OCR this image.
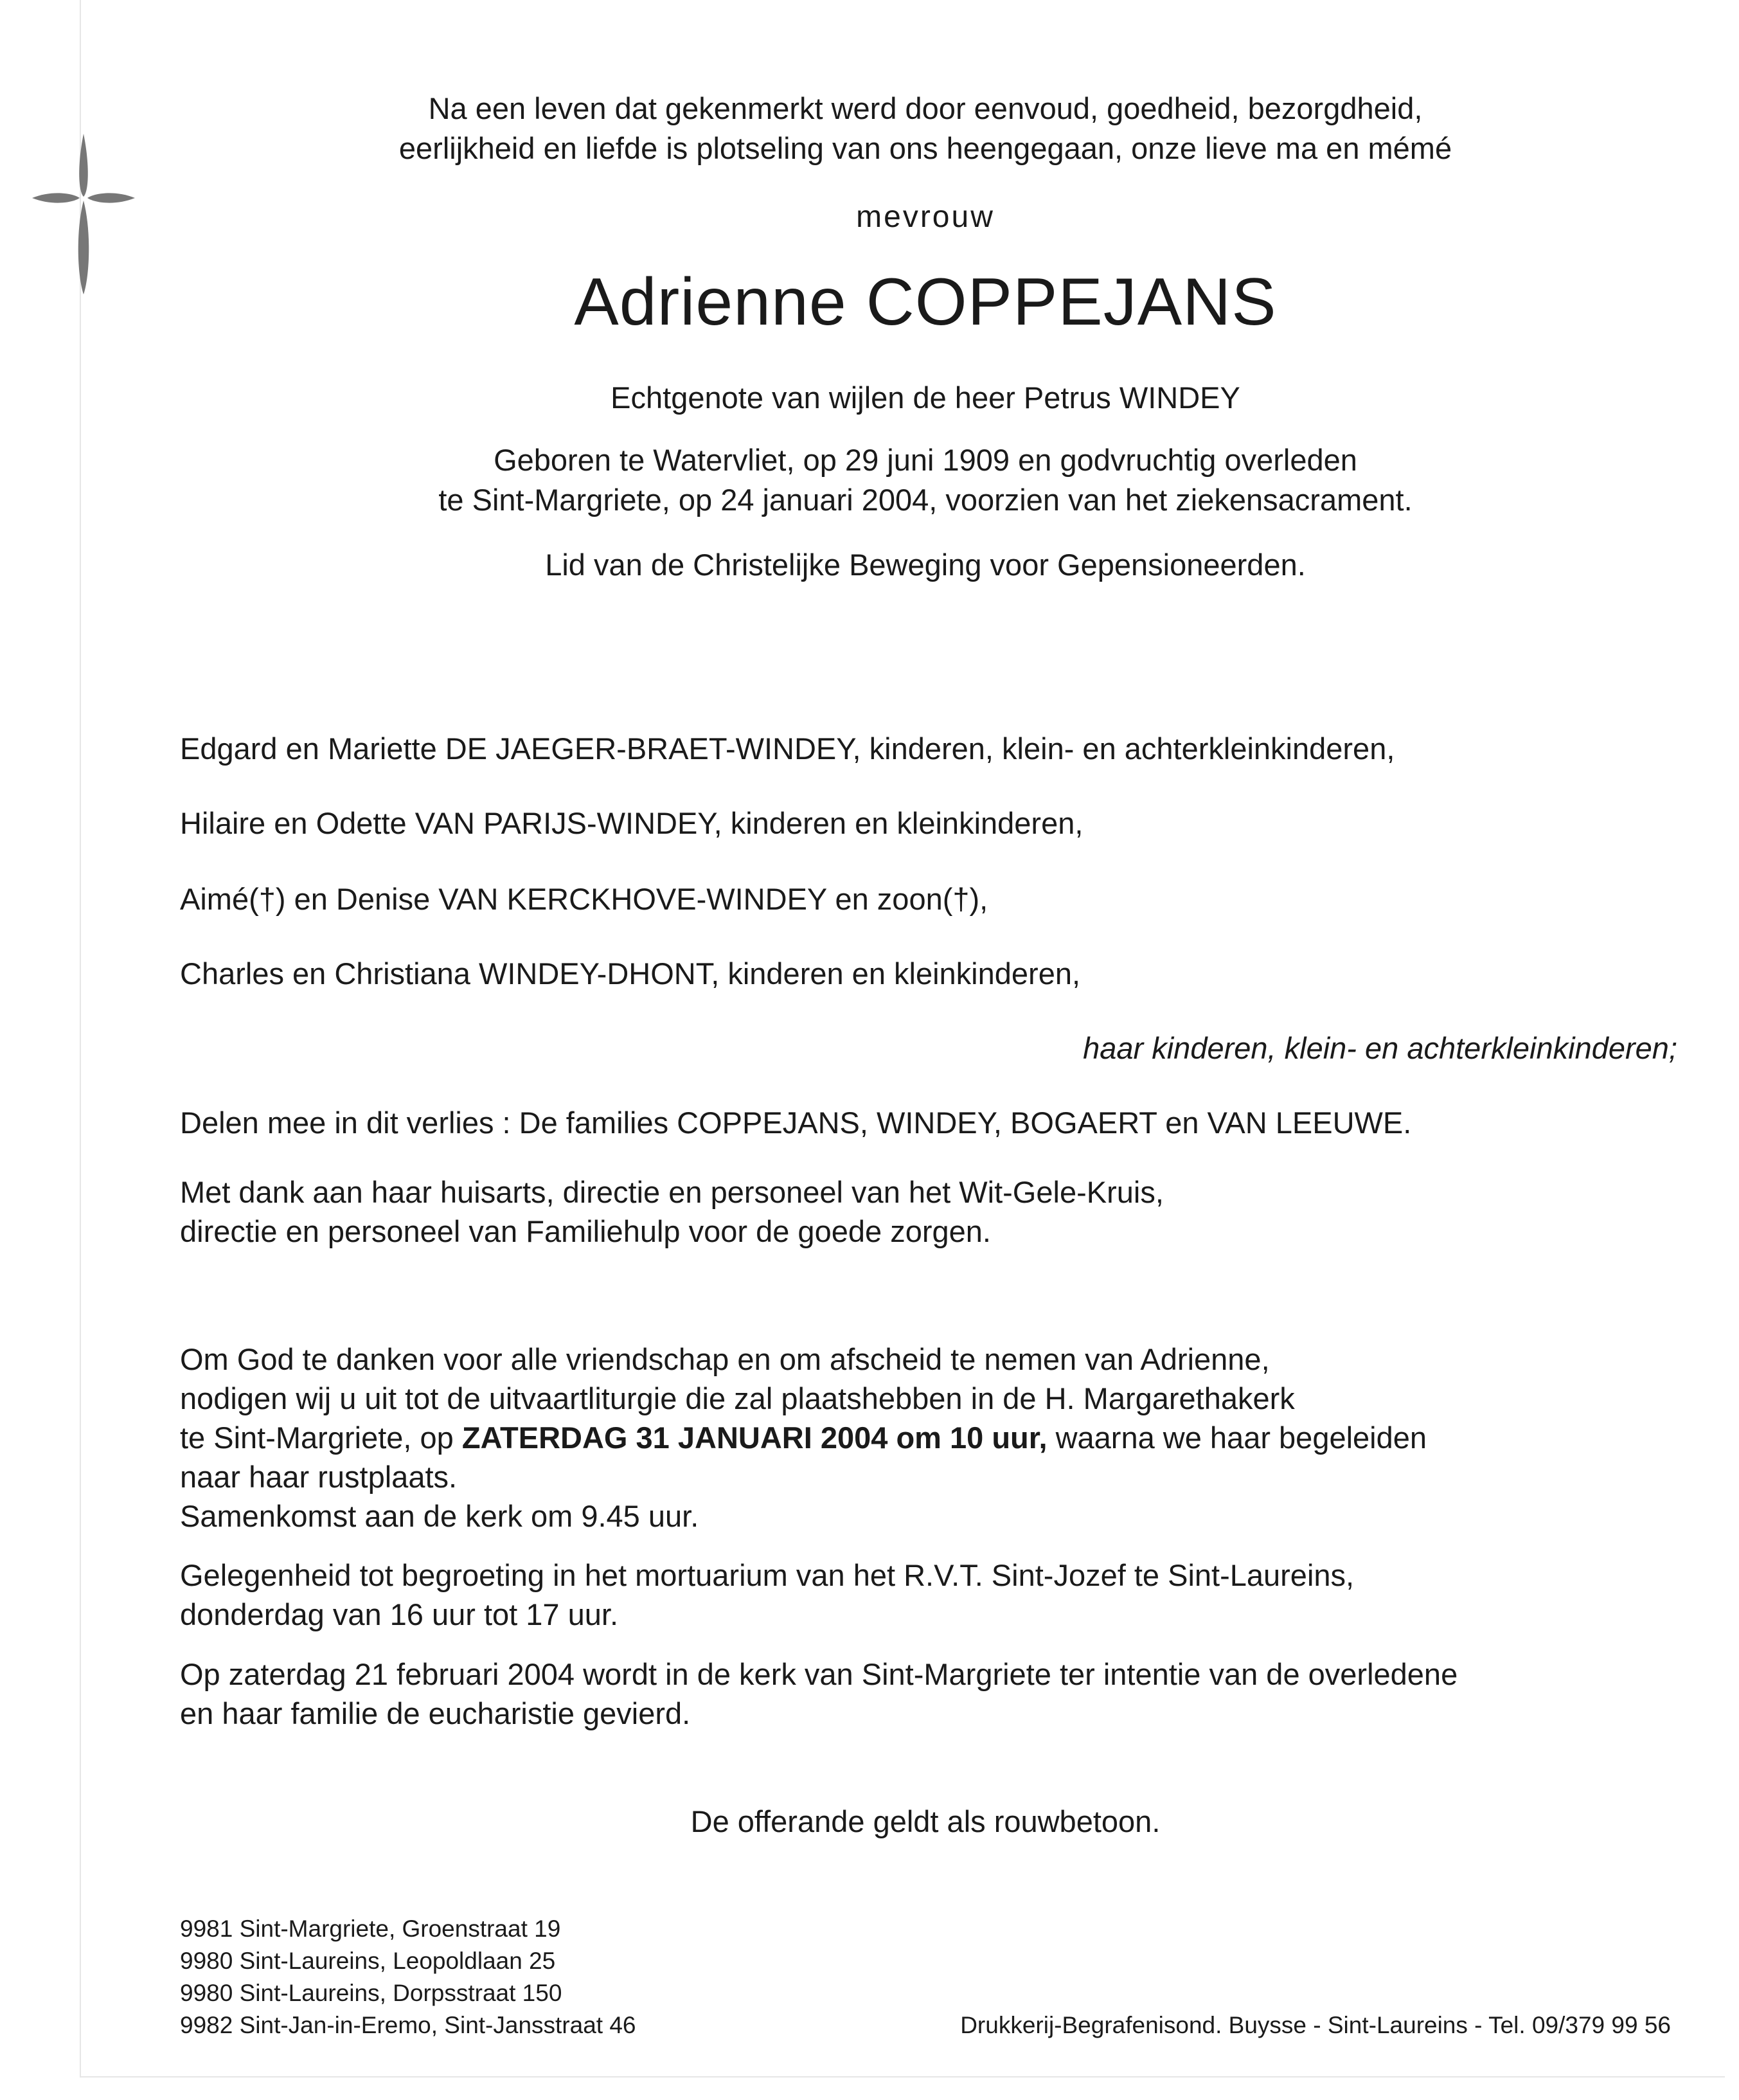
Na een leven dat gekenmerkt werd door eenvoud, goedheid, bezorgdheid,
eerlijkheid en liefde is plotseling van ons heengegaan, onze lieve ma en mémé
mevrouw
Adrienne COPPEJANS
Echtgenote van wijlen de heer Petrus WINDEY
Geboren te Watervliet, op 29 juni 1909 en godvruchtig overleden
te Sint-Margriete, op 24 januari 2004, voorzien van het ziekensacrament.
Lid van de Christelijke Beweging voor Gepensioneerden.
Edgard en Mariette DE JAEGER-BRAET-WINDEY, kinderen, klein- en achterkleinkinderen,
Hilaire en Odette VAN PARIJS-WINDEY, kinderen en kleinkinderen,
Aimé(†) en Denise VAN KERCKHOVE-WINDEY en zoon(†),
Charles en Christiana WINDEY-DHONT, kinderen en kleinkinderen,
haar kinderen, klein- en achterkleinkinderen;
Delen mee in dit verlies : De families COPPEJANS, WINDEY, BOGAERT en VAN LEEUWE.
Met dank aan haar huisarts, directie en personeel van het Wit-Gele-Kruis,
directie en personeel van Familiehulp voor de goede zorgen.
Om God te danken voor alle vriendschap en om afscheid te nemen van Adrienne,
nodigen wij u uit tot de uitvaartliturgie die zal plaatshebben in de H. Margarethakerk
te Sint-Margriete, op ZATERDAG 31 JANUARI 2004 om 10 uur, waarna we haar begeleiden
naar haar rustplaats.
Samenkomst aan de kerk om 9.45 uur.
Gelegenheid tot begroeting in het mortuarium van het R.V.T. Sint-Jozef te Sint-Laureins,
donderdag van 16 uur tot 17 uur.
Op zaterdag 21 februari 2004 wordt in de kerk van Sint-Margriete ter intentie van de overledene
en haar familie de eucharistie gevierd.
De offerande geldt als rouwbetoon.
9981 Sint-Margriete, Groenstraat 19
9980 Sint-Laureins, Leopoldlaan 25
9980 Sint-Laureins, Dorpsstraat 150
9982 Sint-Jan-in-Eremo, Sint-Jansstraat 46	Drukkerij-Begrafenisond. Buysse - Sint-Laureins - Tel. 09/379 99 56
